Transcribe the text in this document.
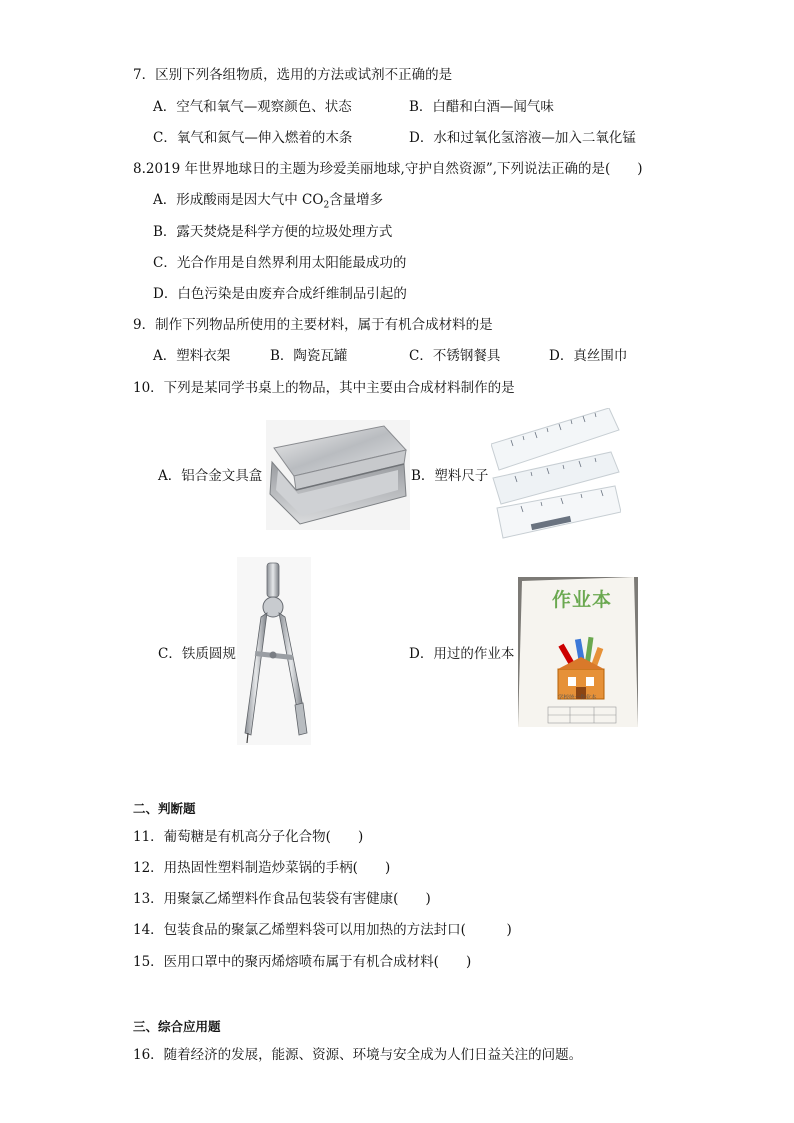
7．区别下列各组物质，选用的方法或试剂不正确的是
A．空气和氧气—观察颜色、状态	B．白醋和白酒—闻气味
C．氧气和氮气—伸入燃着的木条	D．水和过氧化氢溶液—加入二氧化锰
8.2019 年世界地球日的主题为珍爱美丽地球,守护自然资源”,下列说法正确的是(　　)
A．形成酸雨是因大气中 $CO_2$含量增多
B．露天焚烧是科学方便的垃圾处理方式
C．光合作用是自然界利用太阳能最成功的
D．白色污染是由废弃合成纤维制品引起的
9．制作下列物品所使用的主要材料，属于有机合成材料的是
A．塑料衣架	B．陶瓷瓦罐	C．不锈钢餐具	D．真丝围巾
10．下列是某同学书桌上的物品，其中主要由合成材料制作的是
A．铝合金文具盒	B．塑料尺子
C．铁质圆规	D．用过的作业本
作业本
学校统一作业本
二、判断题
11．葡萄糖是有机高分子化合物(　　)
12．用热固性塑料制造炒菜锅的手柄(　　)
13．用聚氯乙烯塑料作食品包装袋有害健康(　　)
14．包装食品的聚氯乙烯塑料袋可以用加热的方法封口(　　　)
15．医用口罩中的聚丙烯熔喷布属于有机合成材料(　　)
三、综合应用题
16．随着经济的发展，能源、资源、环境与安全成为人们日益关注的问题。
